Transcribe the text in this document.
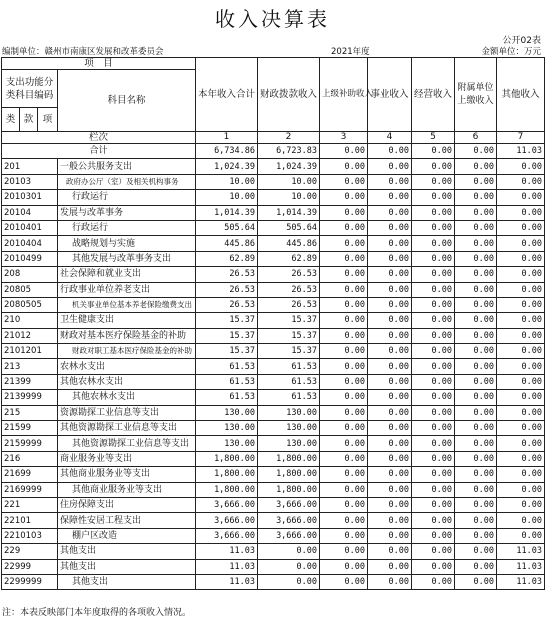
收入决算表
公开02表
编制单位：赣州市南康区发展和改革委员会	2021年度	金额单位：万元
项　目				本年收入合计	财政拨款收入	上级补助收入	事业收入	经营收入	附属单位上缴收入	其他收入
支出功能分类科目编码			科目名称							
类	款	项								
栏次				1	2	3	4	5	6	7
合计				6,734.86	6,723.83	0.00	0.00	0.00	0.00	11.03
201			一般公共服务支出	1,024.39	1,024.39	0.00	0.00	0.00	0.00	0.00
20103			政府办公厅（室）及相关机构事务	10.00	10.00	0.00	0.00	0.00	0.00	0.00
2010301			行政运行	10.00	10.00	0.00	0.00	0.00	0.00	0.00
20104			发展与改革事务	1,014.39	1,014.39	0.00	0.00	0.00	0.00	0.00
2010401			行政运行	505.64	505.64	0.00	0.00	0.00	0.00	0.00
2010404			战略规划与实施	445.86	445.86	0.00	0.00	0.00	0.00	0.00
2010499			其他发展与改革事务支出	62.89	62.89	0.00	0.00	0.00	0.00	0.00
208			社会保障和就业支出	26.53	26.53	0.00	0.00	0.00	0.00	0.00
20805			行政事业单位养老支出	26.53	26.53	0.00	0.00	0.00	0.00	0.00
2080505			机关事业单位基本养老保险缴费支出	26.53	26.53	0.00	0.00	0.00	0.00	0.00
210			卫生健康支出	15.37	15.37	0.00	0.00	0.00	0.00	0.00
21012			财政对基本医疗保险基金的补助	15.37	15.37	0.00	0.00	0.00	0.00	0.00
2101201			财政对职工基本医疗保险基金的补助	15.37	15.37	0.00	0.00	0.00	0.00	0.00
213			农林水支出	61.53	61.53	0.00	0.00	0.00	0.00	0.00
21399			其他农林水支出	61.53	61.53	0.00	0.00	0.00	0.00	0.00
2139999			其他农林水支出	61.53	61.53	0.00	0.00	0.00	0.00	0.00
215			资源勘探工业信息等支出	130.00	130.00	0.00	0.00	0.00	0.00	0.00
21599			其他资源勘探工业信息等支出	130.00	130.00	0.00	0.00	0.00	0.00	0.00
2159999			其他资源勘探工业信息等支出	130.00	130.00	0.00	0.00	0.00	0.00	0.00
216			商业服务业等支出	1,800.00	1,800.00	0.00	0.00	0.00	0.00	0.00
21699			其他商业服务业等支出	1,800.00	1,800.00	0.00	0.00	0.00	0.00	0.00
2169999			其他商业服务业等支出	1,800.00	1,800.00	0.00	0.00	0.00	0.00	0.00
221			住房保障支出	3,666.00	3,666.00	0.00	0.00	0.00	0.00	0.00
22101			保障性安居工程支出	3,666.00	3,666.00	0.00	0.00	0.00	0.00	0.00
2210103			棚户区改造	3,666.00	3,666.00	0.00	0.00	0.00	0.00	0.00
229			其他支出	11.03	0.00	0.00	0.00	0.00	0.00	11.03
22999			其他支出	11.03	0.00	0.00	0.00	0.00	0.00	11.03
2299999			其他支出	11.03	0.00	0.00	0.00	0.00	0.00	11.03
注：本表反映部门本年度取得的各项收入情况。
